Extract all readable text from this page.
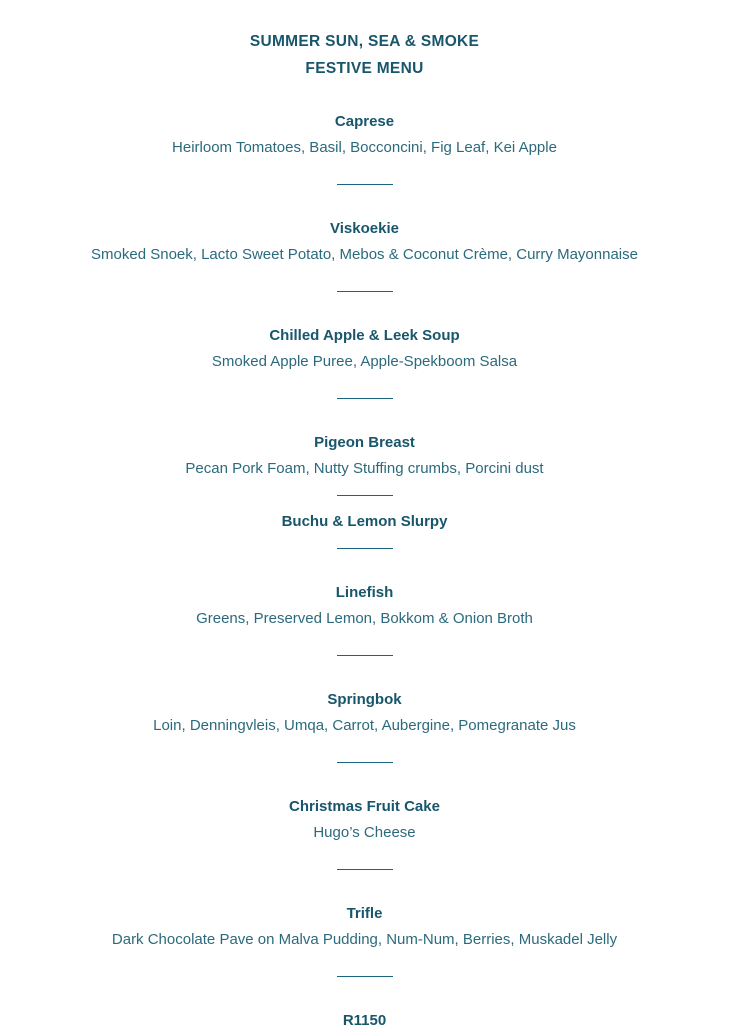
SUMMER SUN, SEA & SMOKE
FESTIVE MENU
Caprese
Heirloom Tomatoes, Basil, Bocconcini, Fig Leaf, Kei Apple
Viskoekie
Smoked Snoek, Lacto Sweet Potato, Mebos & Coconut Crème, Curry Mayonnaise
Chilled Apple & Leek Soup
Smoked Apple Puree, Apple-Spekboom Salsa
Pigeon Breast
Pecan Pork Foam, Nutty Stuffing crumbs, Porcini dust
Buchu & Lemon Slurpy
Linefish
Greens, Preserved Lemon, Bokkom & Onion Broth
Springbok
Loin, Denningvleis, Umqa, Carrot, Aubergine, Pomegranate Jus
Christmas Fruit Cake
Hugo’s Cheese
Trifle
Dark Chocolate Pave on Malva Pudding, Num-Num, Berries, Muskadel Jelly
R1150
